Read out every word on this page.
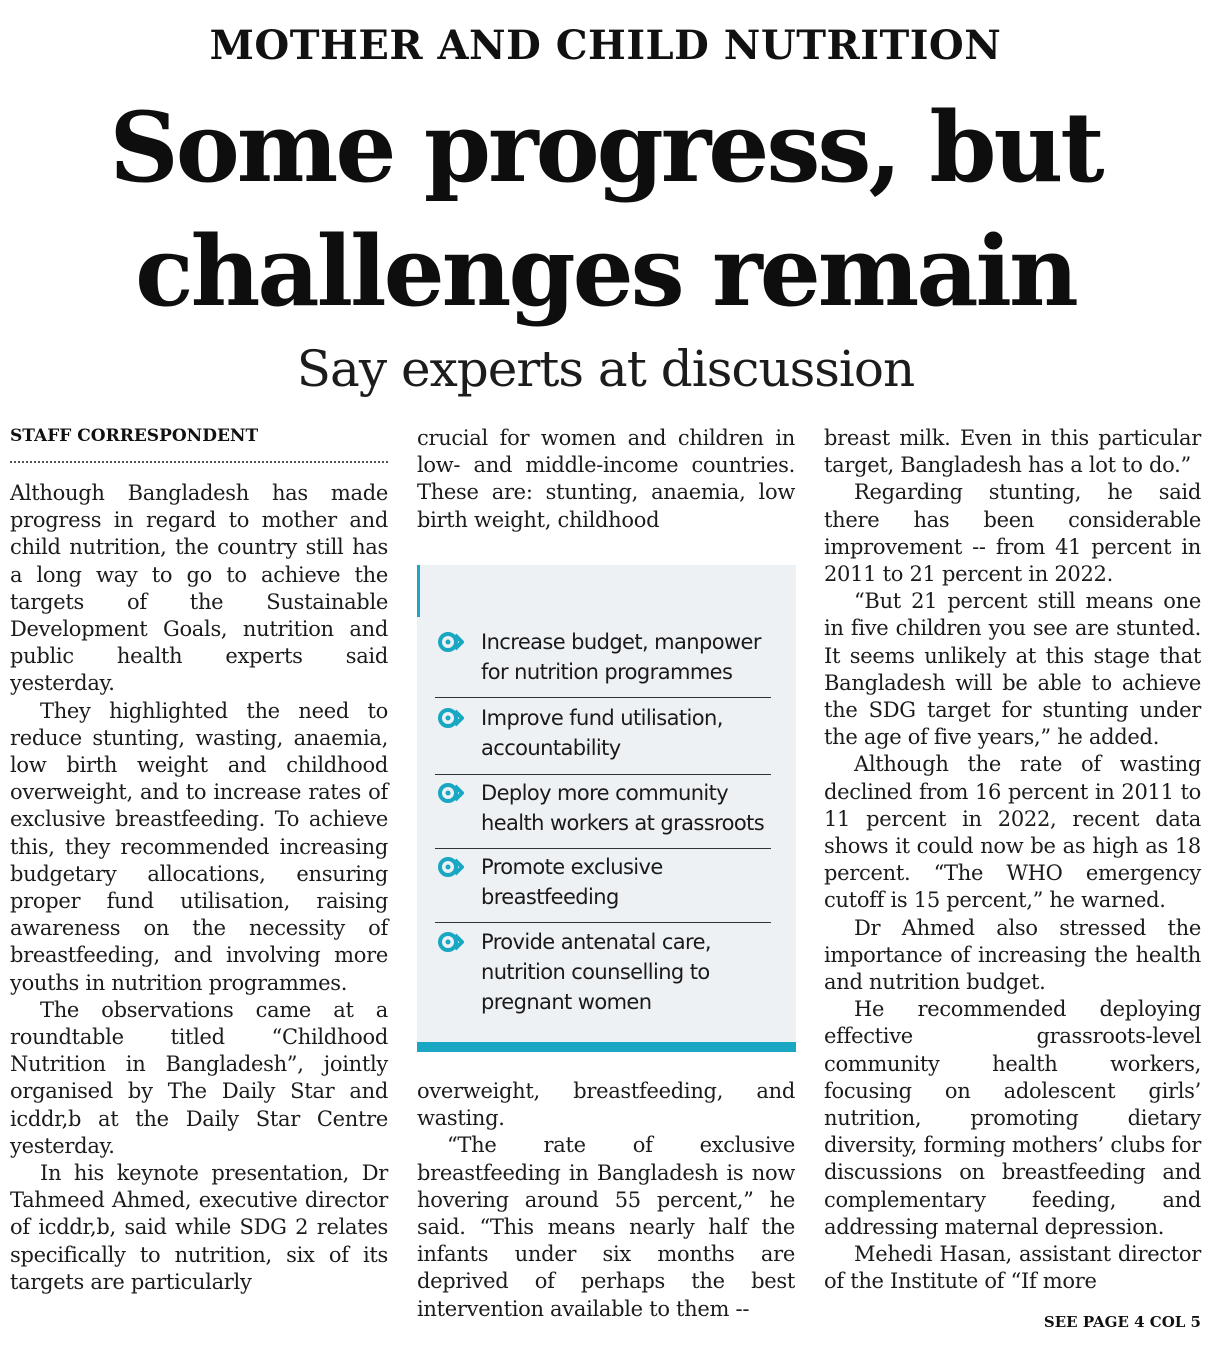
MOTHER AND CHILD NUTRITION
Some progress, but
challenges remain
Say experts at discussion
STAFF CORRESPONDENT

Although Bangladesh has made progress in regard to mother and child nutrition, the country still has a long way to go to achieve the targets of the Sustainable Development Goals, nutrition and public health experts said yesterday.

They highlighted the need to reduce stunting, wasting, anaemia, low birth weight and childhood overweight, and to increase rates of exclusive breastfeeding. To achieve this, they recommended increasing budgetary allocations, ensuring proper fund utilisation, raising awareness on the necessity of breastfeeding, and involving more youths in nutrition programmes.

The observations came at a roundtable titled “Childhood Nutrition in Bangladesh”, jointly organised by The Daily Star and icddr,b at the Daily Star Centre yesterday.

In his keynote presentation, Dr Tahmeed Ahmed, executive director of icddr,b, said while SDG 2 relates specifically to nutrition, six of its targets are particularly

crucial for women and children in low- and middle-income countries. These are: stunting, anaemia, low birth weight, childhood

Increase budget, manpower for nutrition programmes
Improve fund utilisation, accountability
Deploy more community health workers at grassroots
Promote exclusive breastfeeding
Provide antenatal care, nutrition counselling to pregnant women

overweight, breastfeeding, and wasting.

“The rate of exclusive breastfeeding in Bangladesh is now hovering around 55 percent,” he said. “This means nearly half the infants under six months are deprived of perhaps the best intervention available to them --

breast milk. Even in this particular target, Bangladesh has a lot to do.”

Regarding stunting, he said there has been considerable improvement -- from 41 percent in 2011 to 21 percent in 2022.

“But 21 percent still means one in five children you see are stunted. It seems unlikely at this stage that Bangladesh will be able to achieve the SDG target for stunting under the age of five years,” he added.

Although the rate of wasting declined from 16 percent in 2011 to 11 percent in 2022, recent data shows it could now be as high as 18 percent. “The WHO emergency cutoff is 15 percent,” he warned.

Dr Ahmed also stressed the importance of increasing the health and nutrition budget.

He recommended deploying effective grassroots-level community health workers, focusing on adolescent girls’ nutrition, promoting dietary diversity, forming mothers’ clubs for discussions on breastfeeding and complementary feeding, and addressing maternal depression.

Mehedi Hasan, assistant director of the Institute of “If more

SEE PAGE 4 COL 5
